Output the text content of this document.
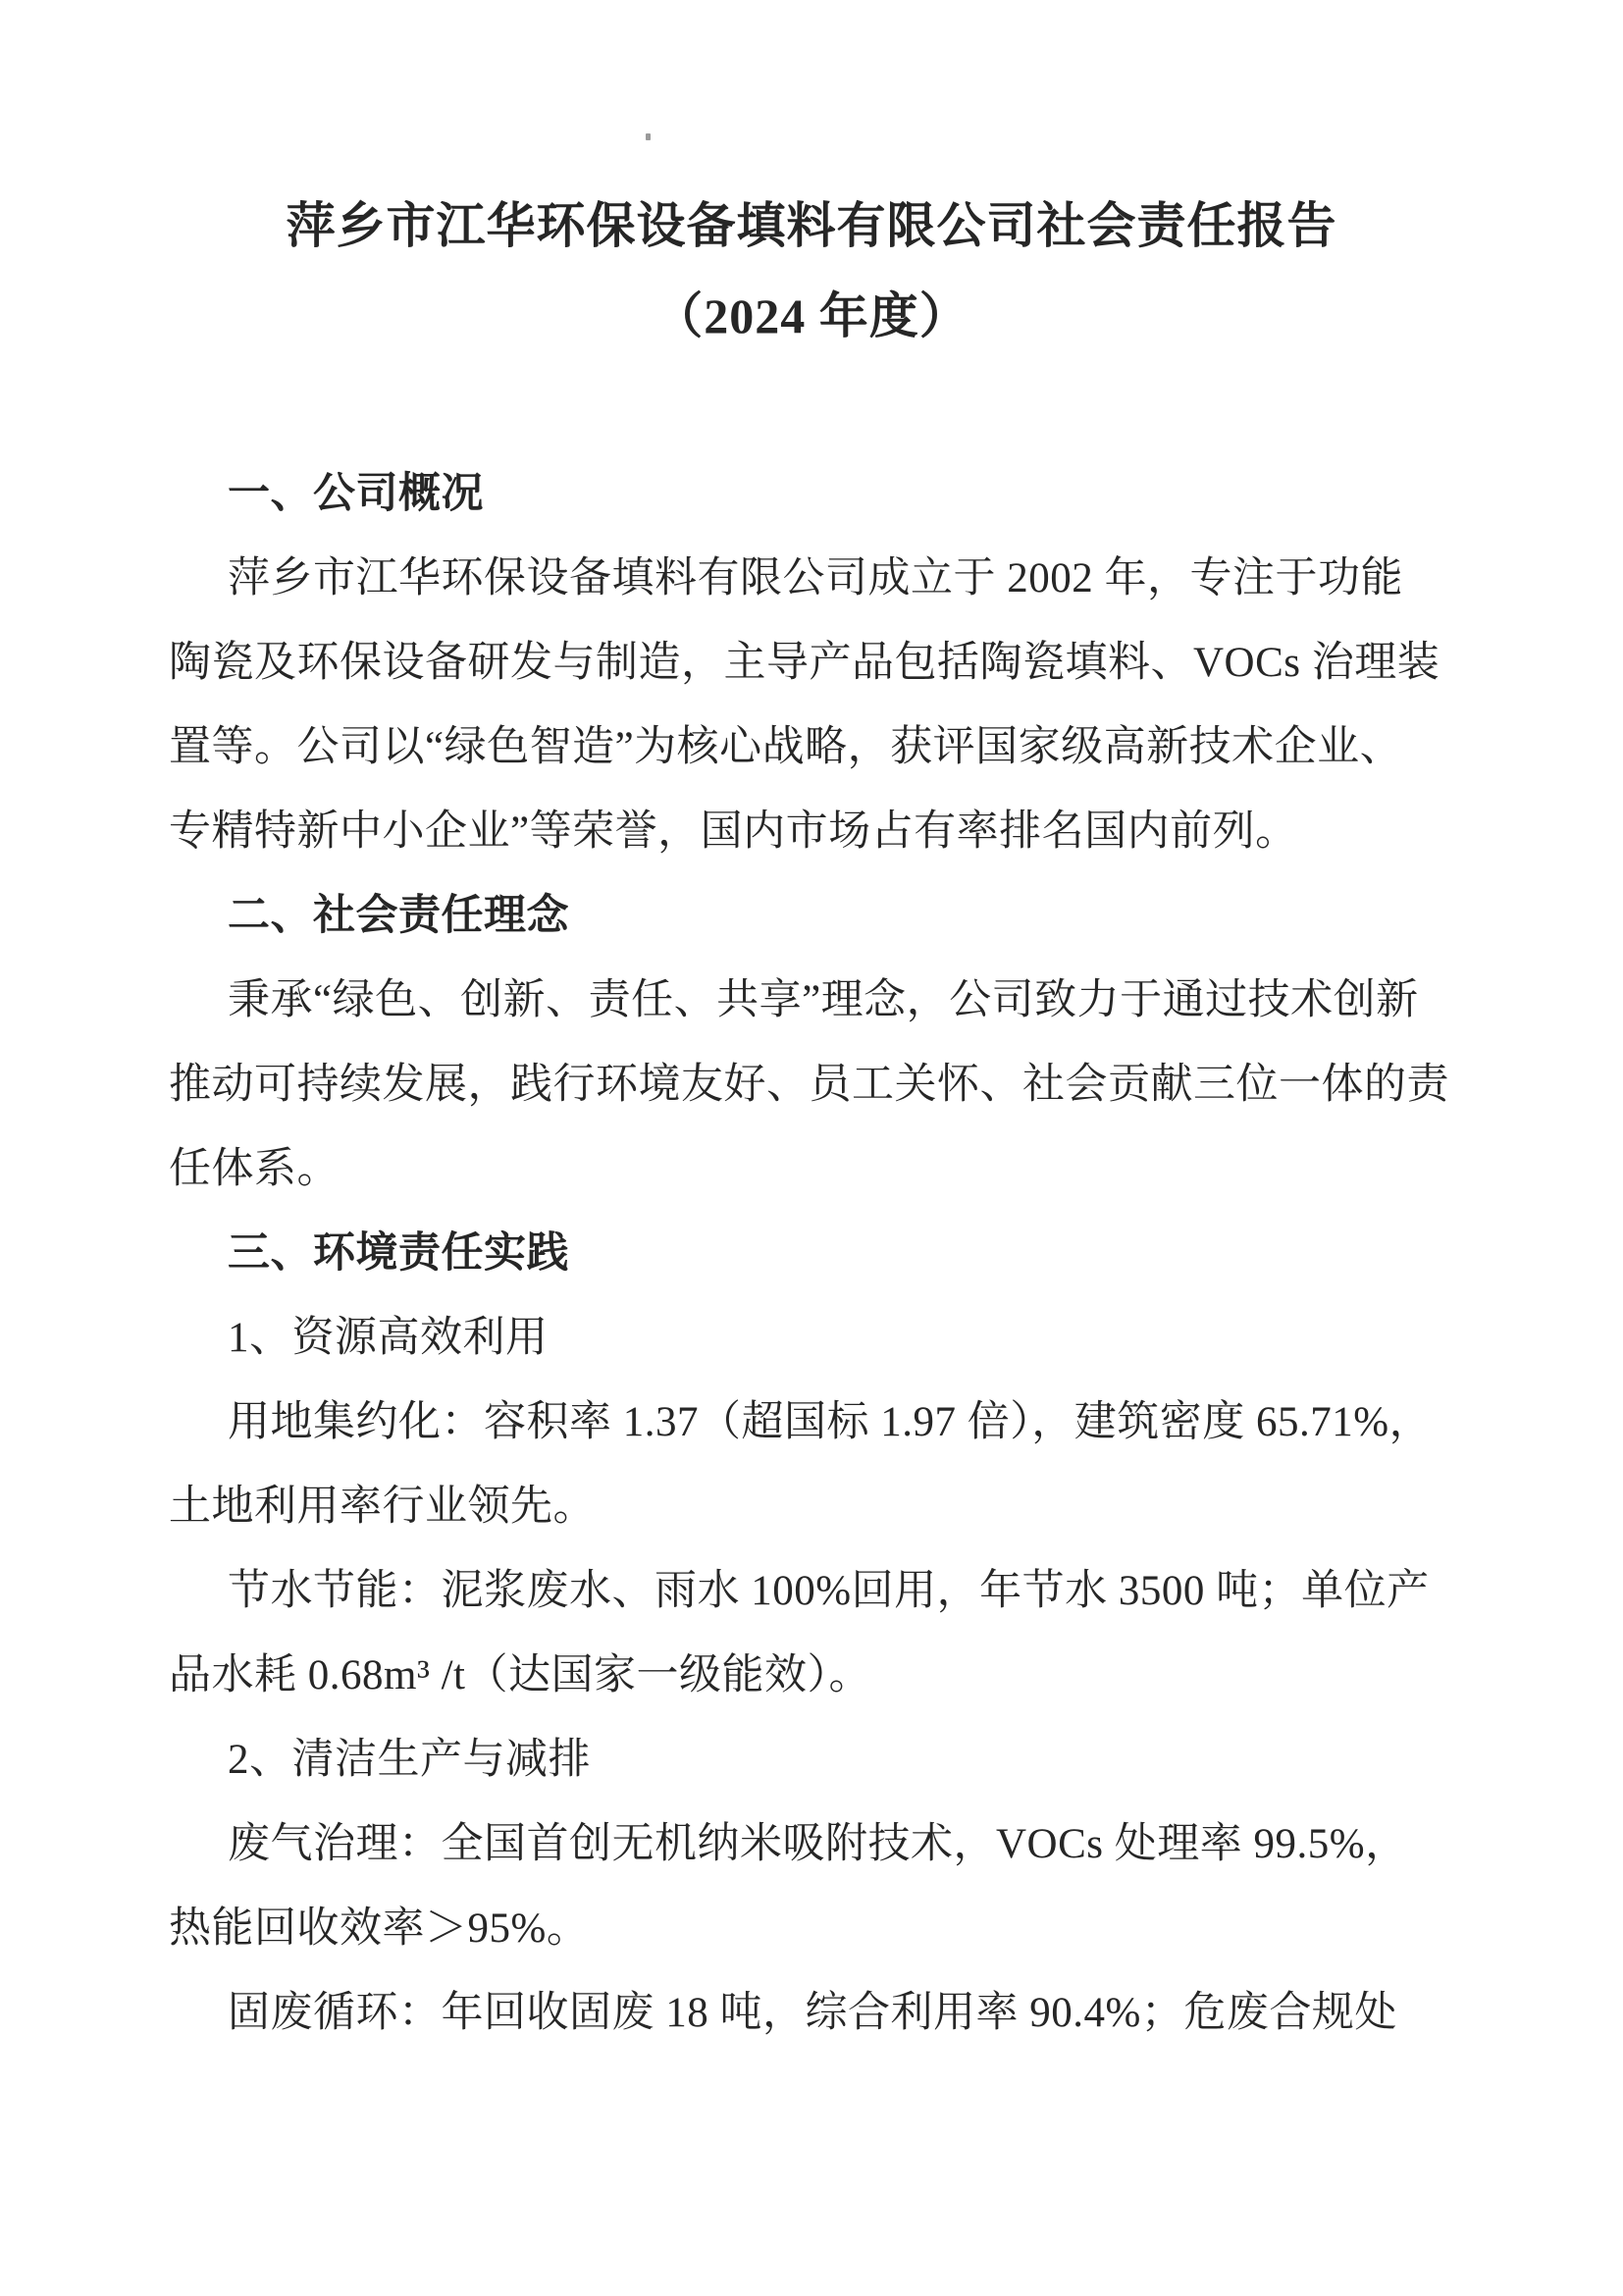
萍乡市江华环保设备填料有限公司社会责任报告
（2024 年度）
一、公司概况
萍乡市江华环保设备填料有限公司成立于 2002 年，专注于功能
陶瓷及环保设备研发与制造，主导产品包括陶瓷填料、VOCs 治理装
置等。公司以“绿色智造”为核心战略，获评国家级高新技术企业、
专精特新中小企业”等荣誉，国内市场占有率排名国内前列。
二、社会责任理念
秉承“绿色、创新、责任、共享”理念，公司致力于通过技术创新
推动可持续发展，践行环境友好、员工关怀、社会贡献三位一体的责
任体系。
三、环境责任实践
1、资源高效利用
用地集约化：容积率 1.37（超国标 1.97 倍），建筑密度 65.71%，
土地利用率行业领先。
节水节能：泥浆废水、雨水 100%回用，年节水 3500 吨；单位产
品水耗 0.68m³ /t（达国家一级能效）。
2、清洁生产与减排
废气治理：全国首创无机纳米吸附技术，VOCs 处理率 99.5%，
热能回收效率＞95%。
固废循环：年回收固废 18 吨，综合利用率 90.4%；危废合规处
